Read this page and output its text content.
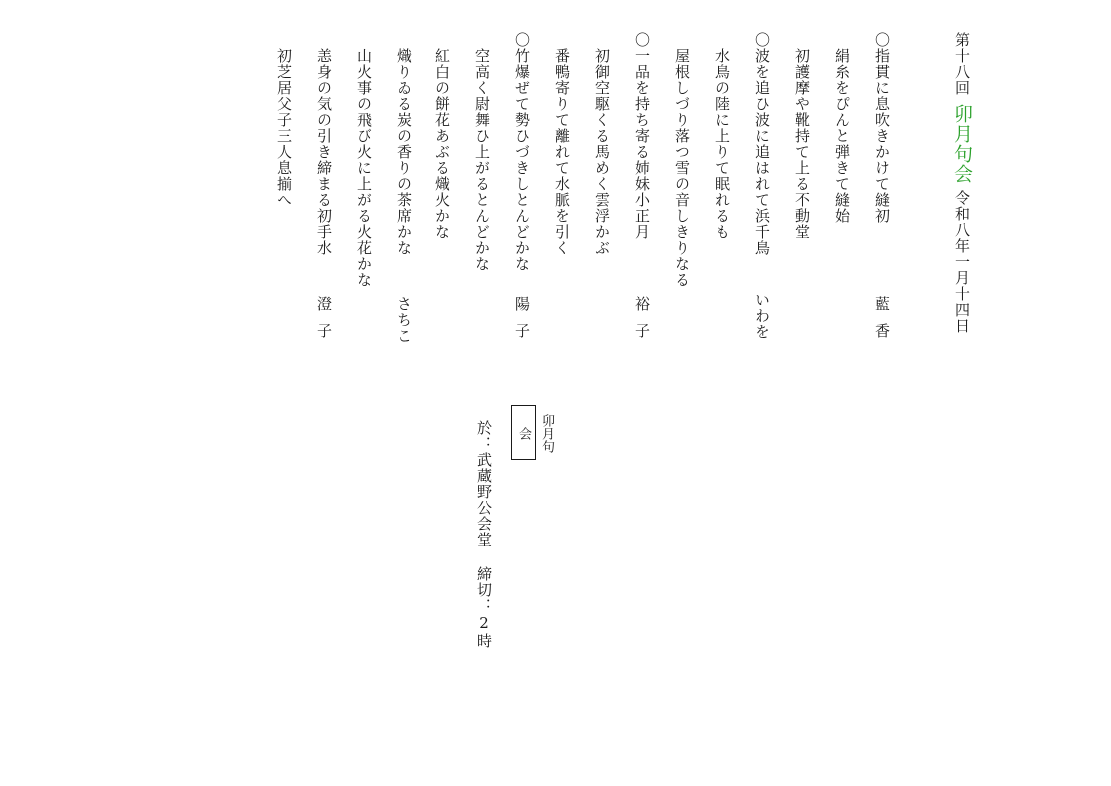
第十八回
卯月句会
令和八年一月十四日
〇指貫に息吹きかけて縫初
藍香
絹糸をぴんと弾きて縫始
初護摩や靴持て上る不動堂
〇波を追ひ波に追はれて浜千鳥
いわを
水鳥の陸に上りて眠れるも
屋根しづり落つ雪の音しきりなる
〇一品を持ち寄る姉妹小正月
裕子
初御空駆くる馬めく雲浮かぶ
番鴨寄りて離れて水脈を引く
〇竹爆ぜて勢ひづきしとんどかな
陽子
空高く尉舞ひ上がるとんどかな
紅白の餅花あぶる熾火かな
熾りゐる炭の香りの茶席かな
さちこ
山火事の飛び火に上がる火花かな
恙身の気の引き締まる初手水
澄子
初芝居父子三人息揃へ
卯月句会
於：武蔵野公会堂
締切：2時
